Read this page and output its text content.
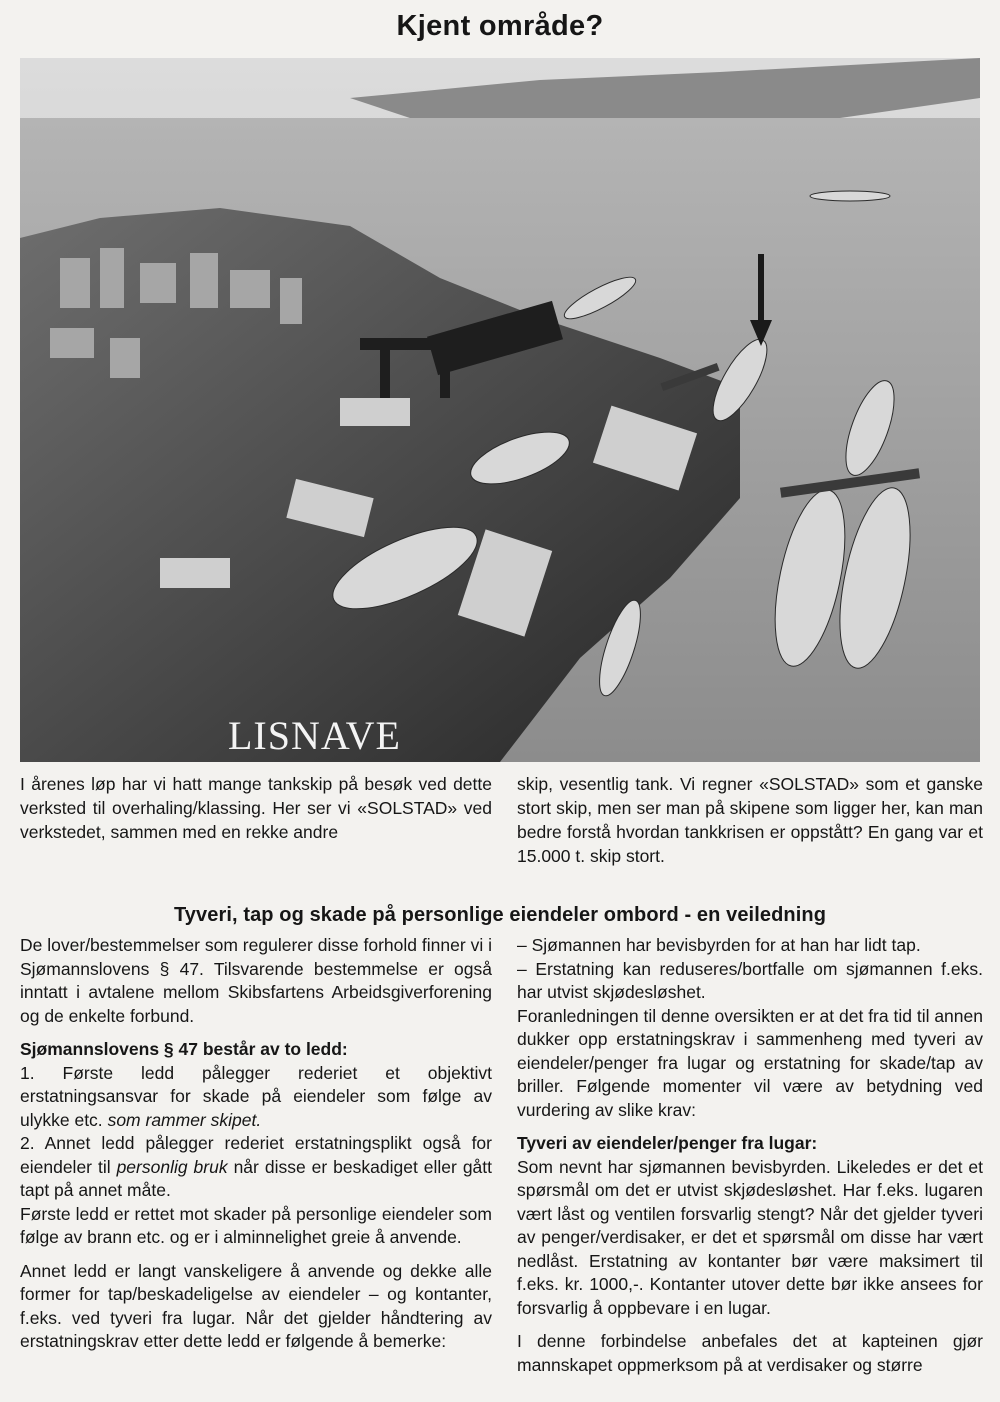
Kjent område?
LISNAVE

I årenes løp har vi hatt mange tankskip på besøk ved dette verksted til overhaling/klassing. Her ser vi «SOLSTAD» ved verkstedet, sammen med en rekke andre

skip, vesentlig tank. Vi regner «SOLSTAD» som et ganske stort skip, men ser man på skipene som ligger her, kan man bedre forstå hvordan tankkrisen er oppstått? En gang var et 15.000 t. skip stort.

Tyveri, tap og skade på personlige eiendeler ombord - en veiledning

De lover/bestemmelser som regulerer disse forhold finner vi i Sjømannslovens § 47. Tilsvarende bestemmelse er også inntatt i avtalene mellom Skibsfartens Arbeidsgiverforening og de enkelte forbund.

Sjømannslovens § 47 består av to ledd:

1. Første ledd pålegger rederiet et objektivt erstatningsansvar for skade på eiendeler som følge av ulykke etc. som rammer skipet.

2. Annet ledd pålegger rederiet erstatningsplikt også for eiendeler til personlig bruk når disse er beskadiget eller gått tapt på annet måte.

Første ledd er rettet mot skader på personlige eiendeler som følge av brann etc. og er i alminnelighet greie å anvende.

Annet ledd er langt vanskeligere å anvende og dekke alle former for tap/beskadeligelse av eiendeler – og kontanter, f.eks. ved tyveri fra lugar. Når det gjelder håndtering av erstatningskrav etter dette ledd er følgende å bemerke:

– Sjømannen har bevisbyrden for at han har lidt tap.

– Erstatning kan reduseres/bortfalle om sjømannen f.eks. har utvist skjødesløshet.

Foranledningen til denne oversikten er at det fra tid til annen dukker opp erstatningskrav i sammenheng med tyveri av eiendeler/penger fra lugar og erstatning for skade/tap av briller. Følgende momenter vil være av betydning ved vurdering av slike krav:

Tyveri av eiendeler/penger fra lugar:

Som nevnt har sjømannen bevisbyrden. Likeledes er det et spørsmål om det er utvist skjødesløshet. Har f.eks. lugaren vært låst og ventilen forsvarlig stengt? Når det gjelder tyveri av penger/verdisaker, er det et spørsmål om disse har vært nedlåst. Erstatning av kontanter bør være maksimert til f.eks. kr. 1000,-. Kontanter utover dette bør ikke ansees for forsvarlig å oppbevare i en lugar.

I denne forbindelse anbefales det at kapteinen gjør mannskapet oppmerksom på at verdisaker og større
